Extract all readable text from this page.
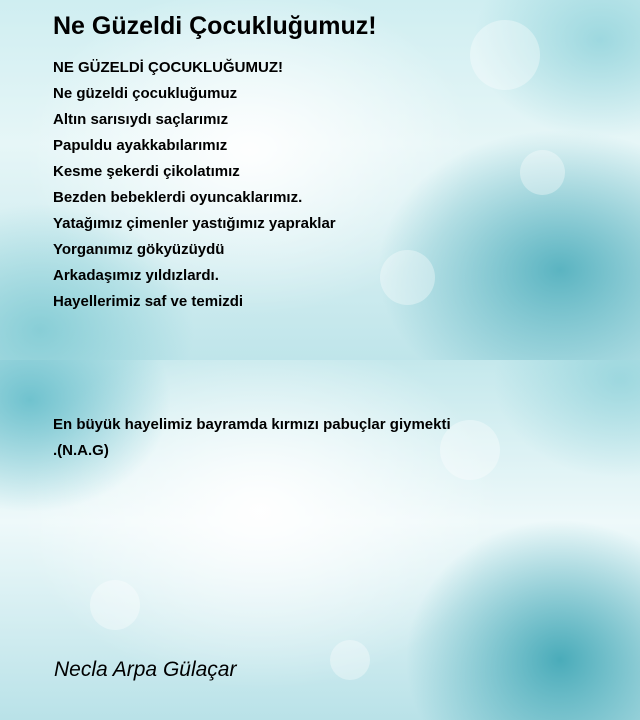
Ne Güzeldi Çocukluğumuz!
NE GÜZELDİ ÇOCUKLUĞUMUZ!
Ne güzeldi çocukluğumuz
Altın sarısıydı saçlarımız
Papuldu ayakkabılarımız
Kesme şekerdi çikolatımız
Bezden bebeklerdi oyuncaklarımız.
Yatağımız çimenler yastığımız yapraklar
Yorganımız gökyüzüydü
Arkadaşımız yıldızlardı.
Hayellerimiz saf ve temizdi
En büyük hayelimiz bayramda kırmızı pabuçlar giymekti
.(N.A.G)
Necla Arpa Gülaçar
